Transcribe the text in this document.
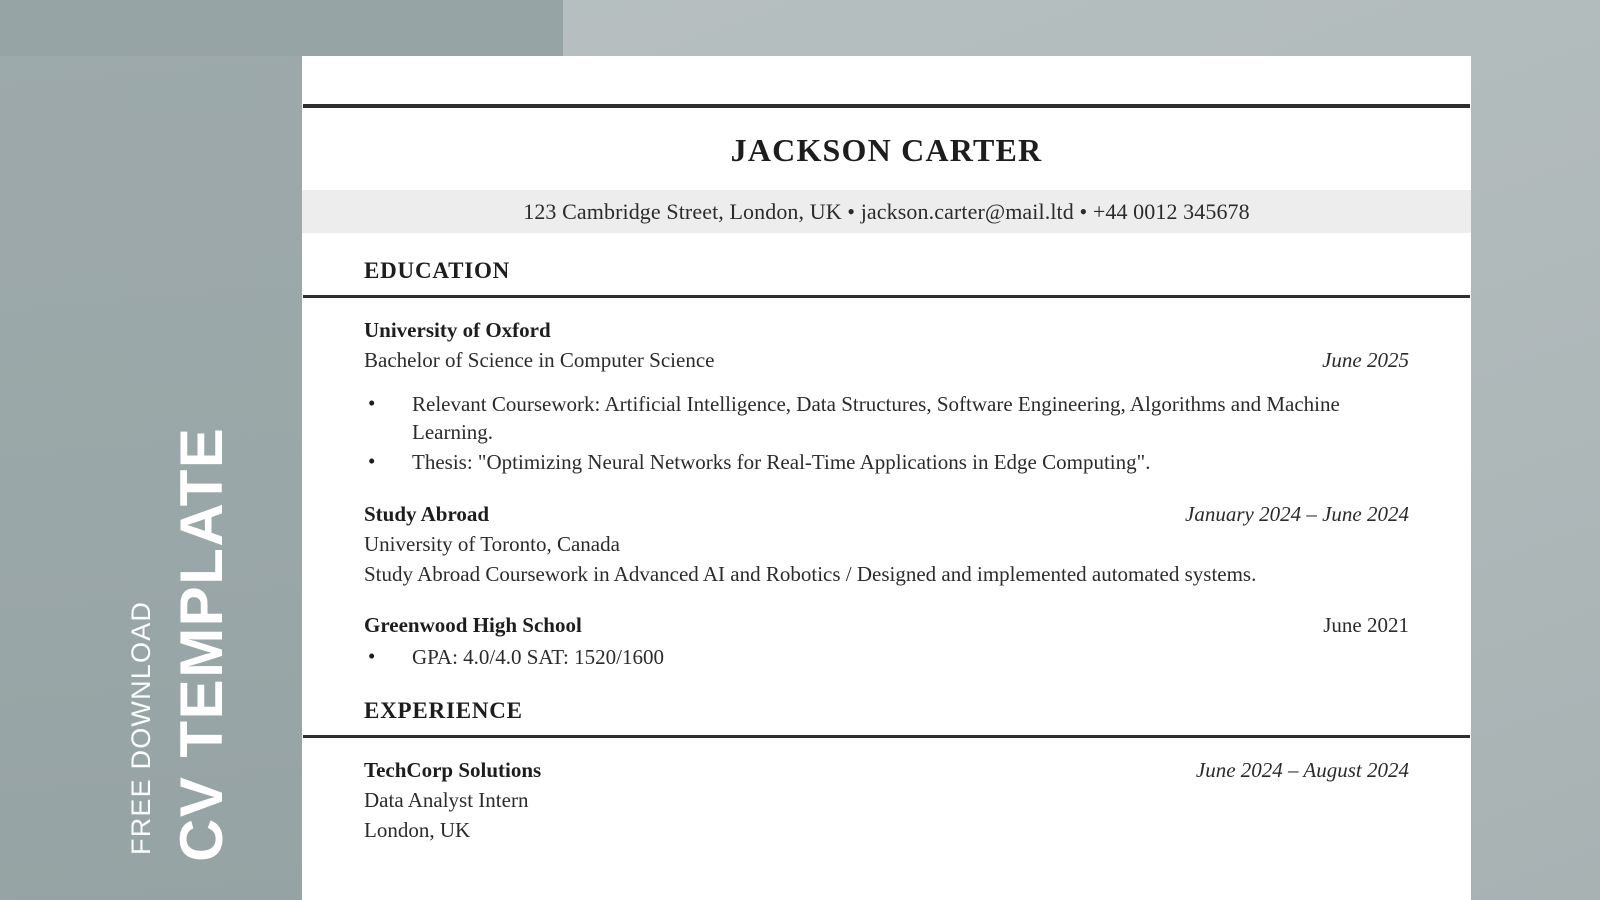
CV TEMPLATE
FREE DOWNLOAD
JACKSON CARTER
123 Cambridge Street, London, UK • jackson.carter@mail.ltd • +44 0012 345678
EDUCATION
University of Oxford
Bachelor of Science in Computer Science	June 2025
• Relevant Coursework: Artificial Intelligence, Data Structures, Software Engineering, Algorithms and Machine Learning.
• Thesis: "Optimizing Neural Networks for Real-Time Applications in Edge Computing".
Study Abroad	January 2024 – June 2024
University of Toronto, Canada
Study Abroad Coursework in Advanced AI and Robotics / Designed and implemented automated systems.
Greenwood High School	June 2021
• GPA: 4.0/4.0 SAT: 1520/1600
EXPERIENCE
TechCorp Solutions	June 2024 – August 2024
Data Analyst Intern
London, UK
